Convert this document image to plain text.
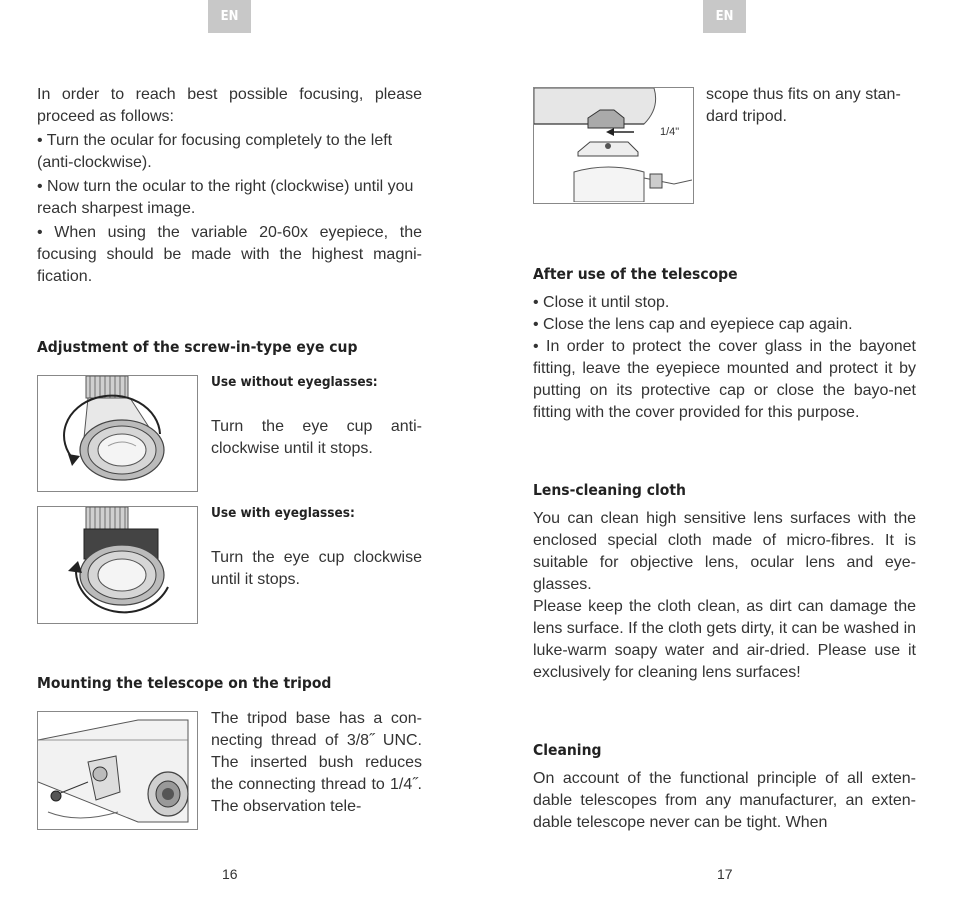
EN	EN

In order to reach best possible focusing, please proceed as follows:

• Turn the ocular for focusing completely to the left (anti-clockwise).

• Now turn the ocular to the right (clockwise) until you reach sharpest image.

• When using the variable 20-60x eyepiece, the focusing should be made with the highest magni-fication.

Adjustment of the screw-in-type eye cup
Use without eyeglasses:

Turn the eye cup anti-clockwise until it stops.

Use with eyeglasses:

Turn the eye cup clockwise until it stops.

Mounting the telescope on the tripod

The tripod base has a con-necting thread of 3/8˝ UNC. The inserted bush reduces the connecting thread to 1/4˝. The observation tele-

16
1/4"

scope thus fits on any stan-dard tripod.

After use of the telescope

• Close it until stop.

• Close the lens cap and eyepiece cap again.

• In order to protect the cover glass in the bayonet fitting, leave the eyepiece mounted and protect it by putting on its protective cap or close the bayo-net fitting with the cover provided for this purpose.

Lens-cleaning cloth

You can clean high sensitive lens surfaces with the enclosed special cloth made of micro-fibres. It is suitable for objective lens, ocular lens and eye-glasses.

Please keep the cloth clean, as dirt can damage the lens surface. If the cloth gets dirty, it can be washed in luke-warm soapy water and air-dried. Please use it exclusively for cleaning lens surfaces!

Cleaning

On account of the functional principle of all exten-dable telescopes from any manufacturer, an exten-dable telescope never can be tight. When

17
